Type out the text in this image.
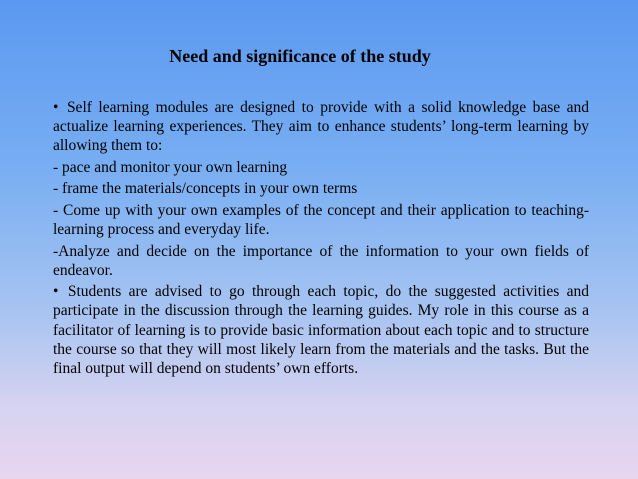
Need and significance of the study

• Self learning modules are designed to provide with a solid knowledge base and actualize learning experiences. They aim to enhance students’ long-term learning by allowing them to:

- pace and monitor your own learning
- frame the materials/concepts in your own terms
- Come up with your own examples of the concept and their application to teaching-learning process and everyday life.
-Analyze and decide on the importance of the information to your own fields of endeavor.

• Students are advised to go through each topic, do the suggested activities and participate in the discussion through the learning guides. My role in this course as a facilitator of learning is to provide basic information about each topic and to structure the course so that they will most likely learn from the materials and the tasks. But the final output will depend on students’ own efforts.
